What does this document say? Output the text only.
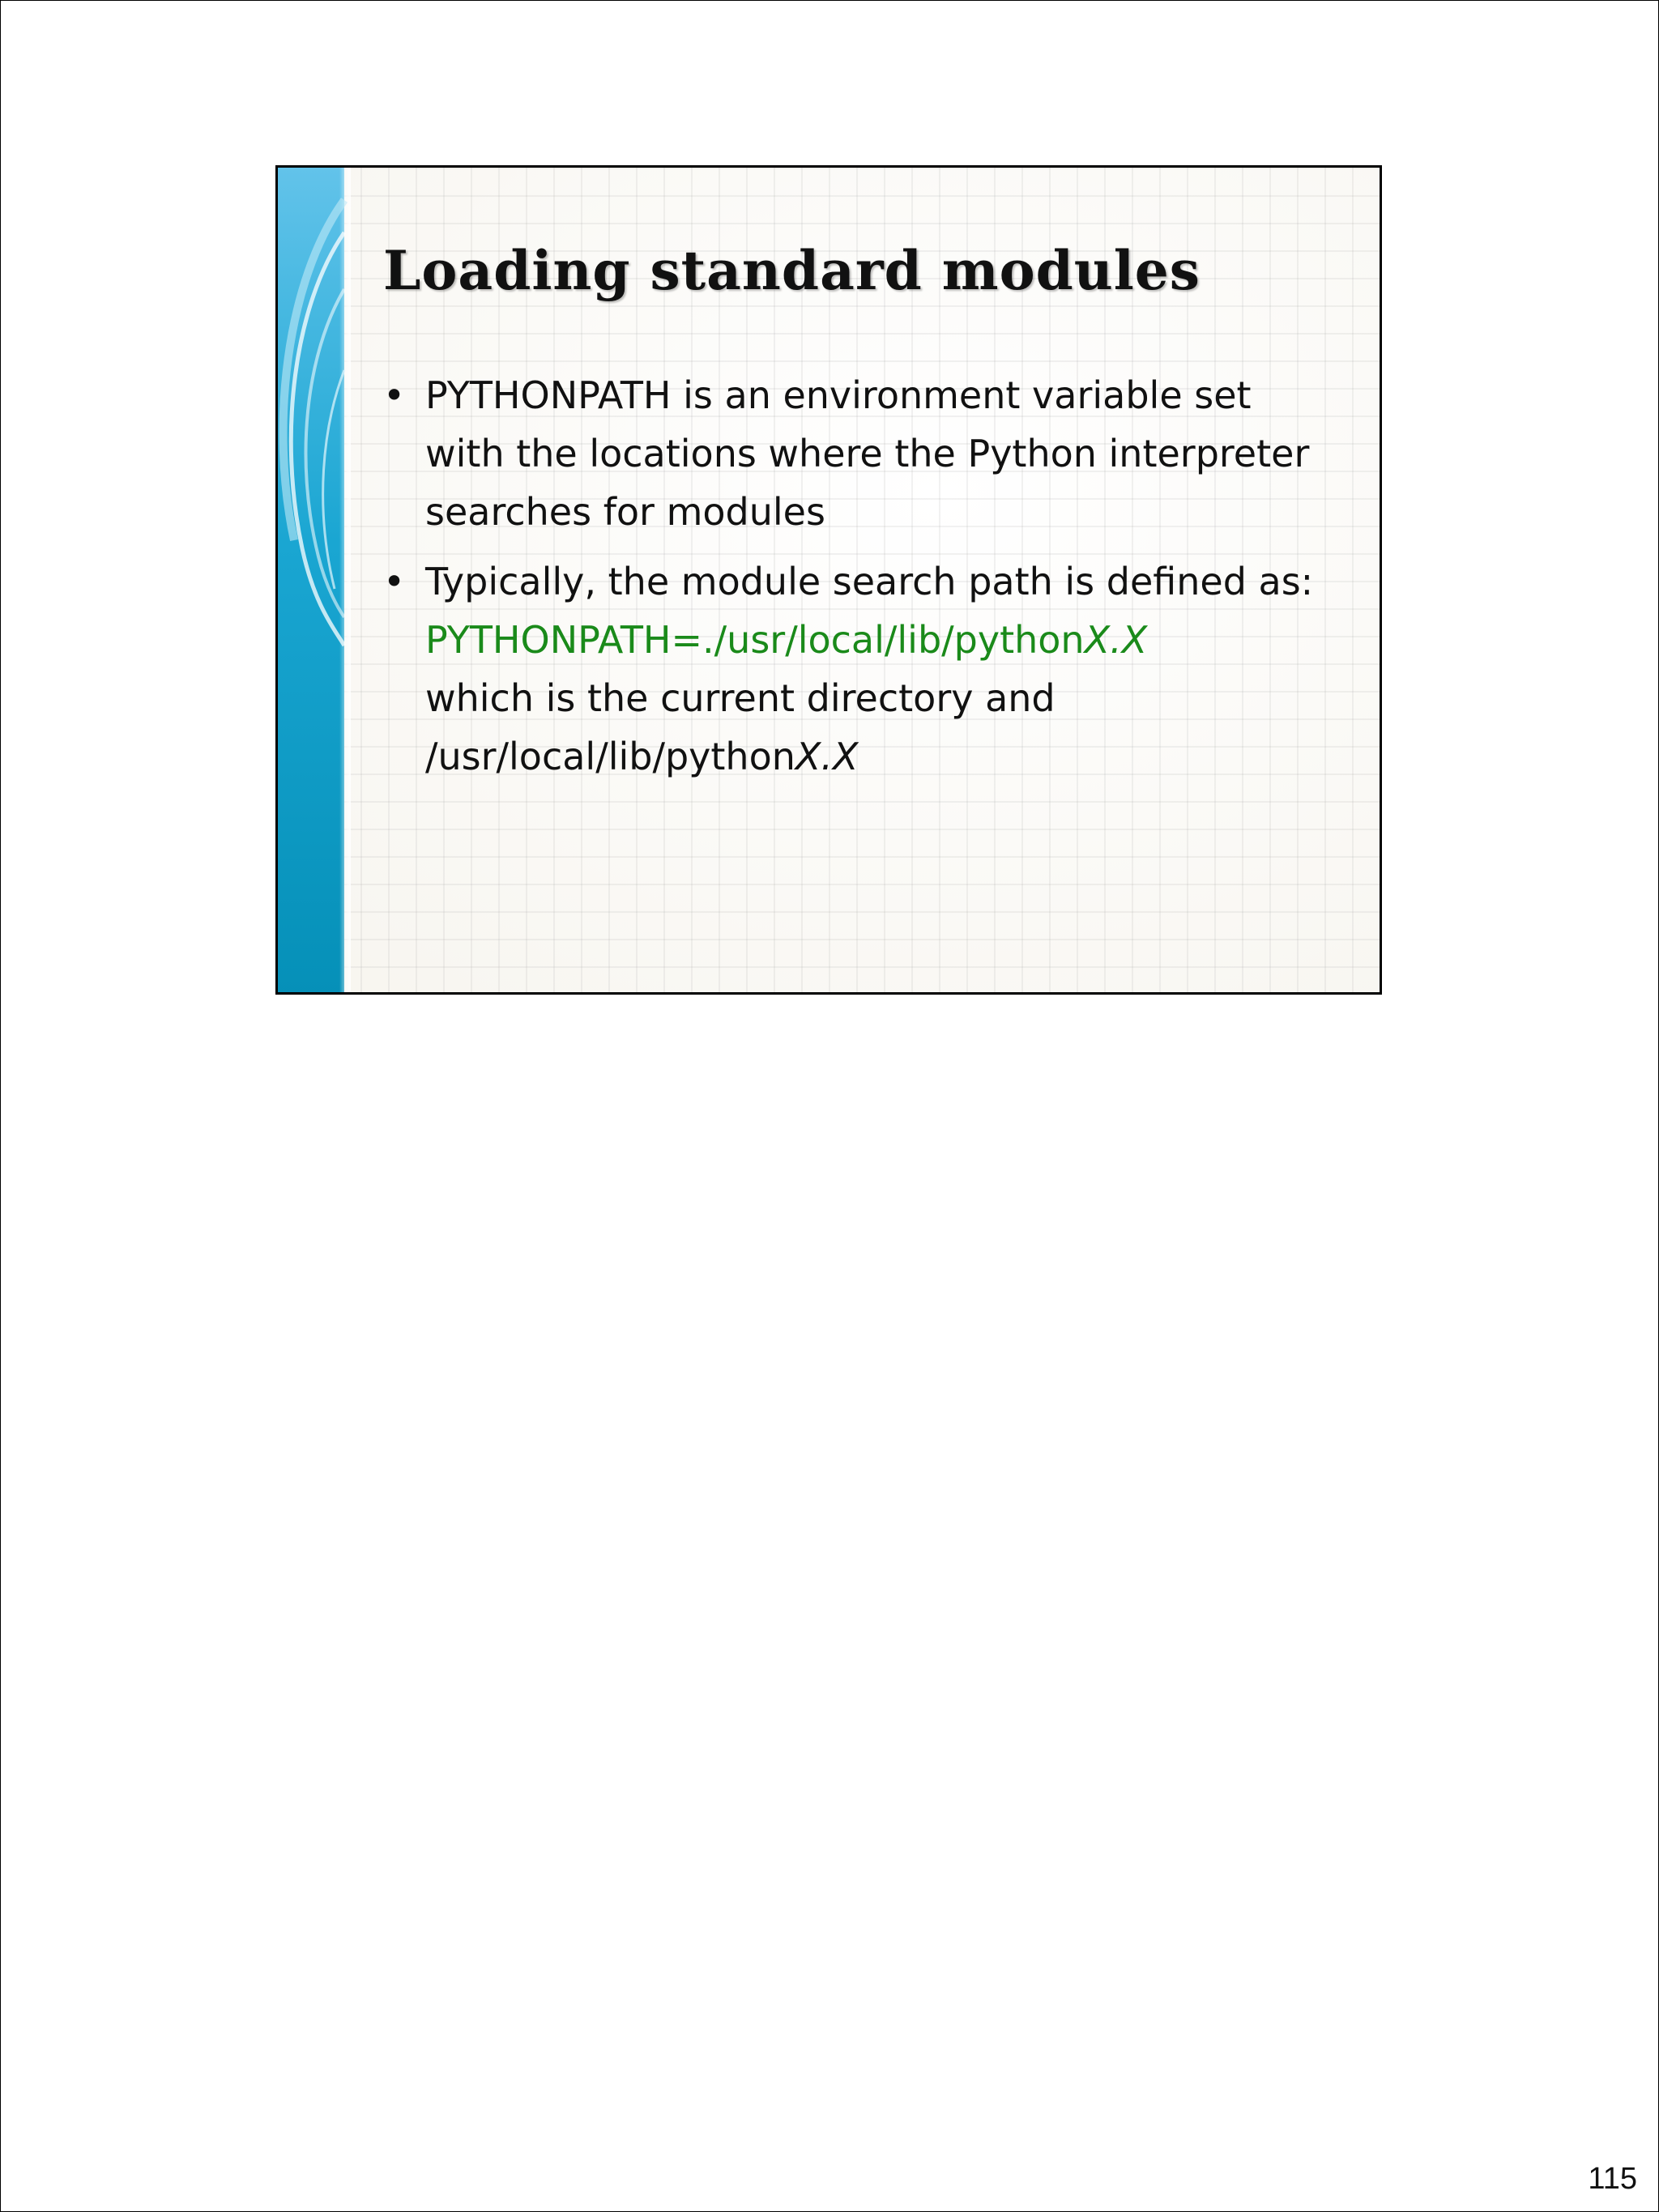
Loading standard modules
• PYTHONPATH is an environment variable set with the locations where the Python interpreter searches for modules
• Typically, the module search path is defined as:
PYTHONPATH=./usr/local/lib/pythonX.X
which is the current directory and
/usr/local/lib/pythonX.X
115
